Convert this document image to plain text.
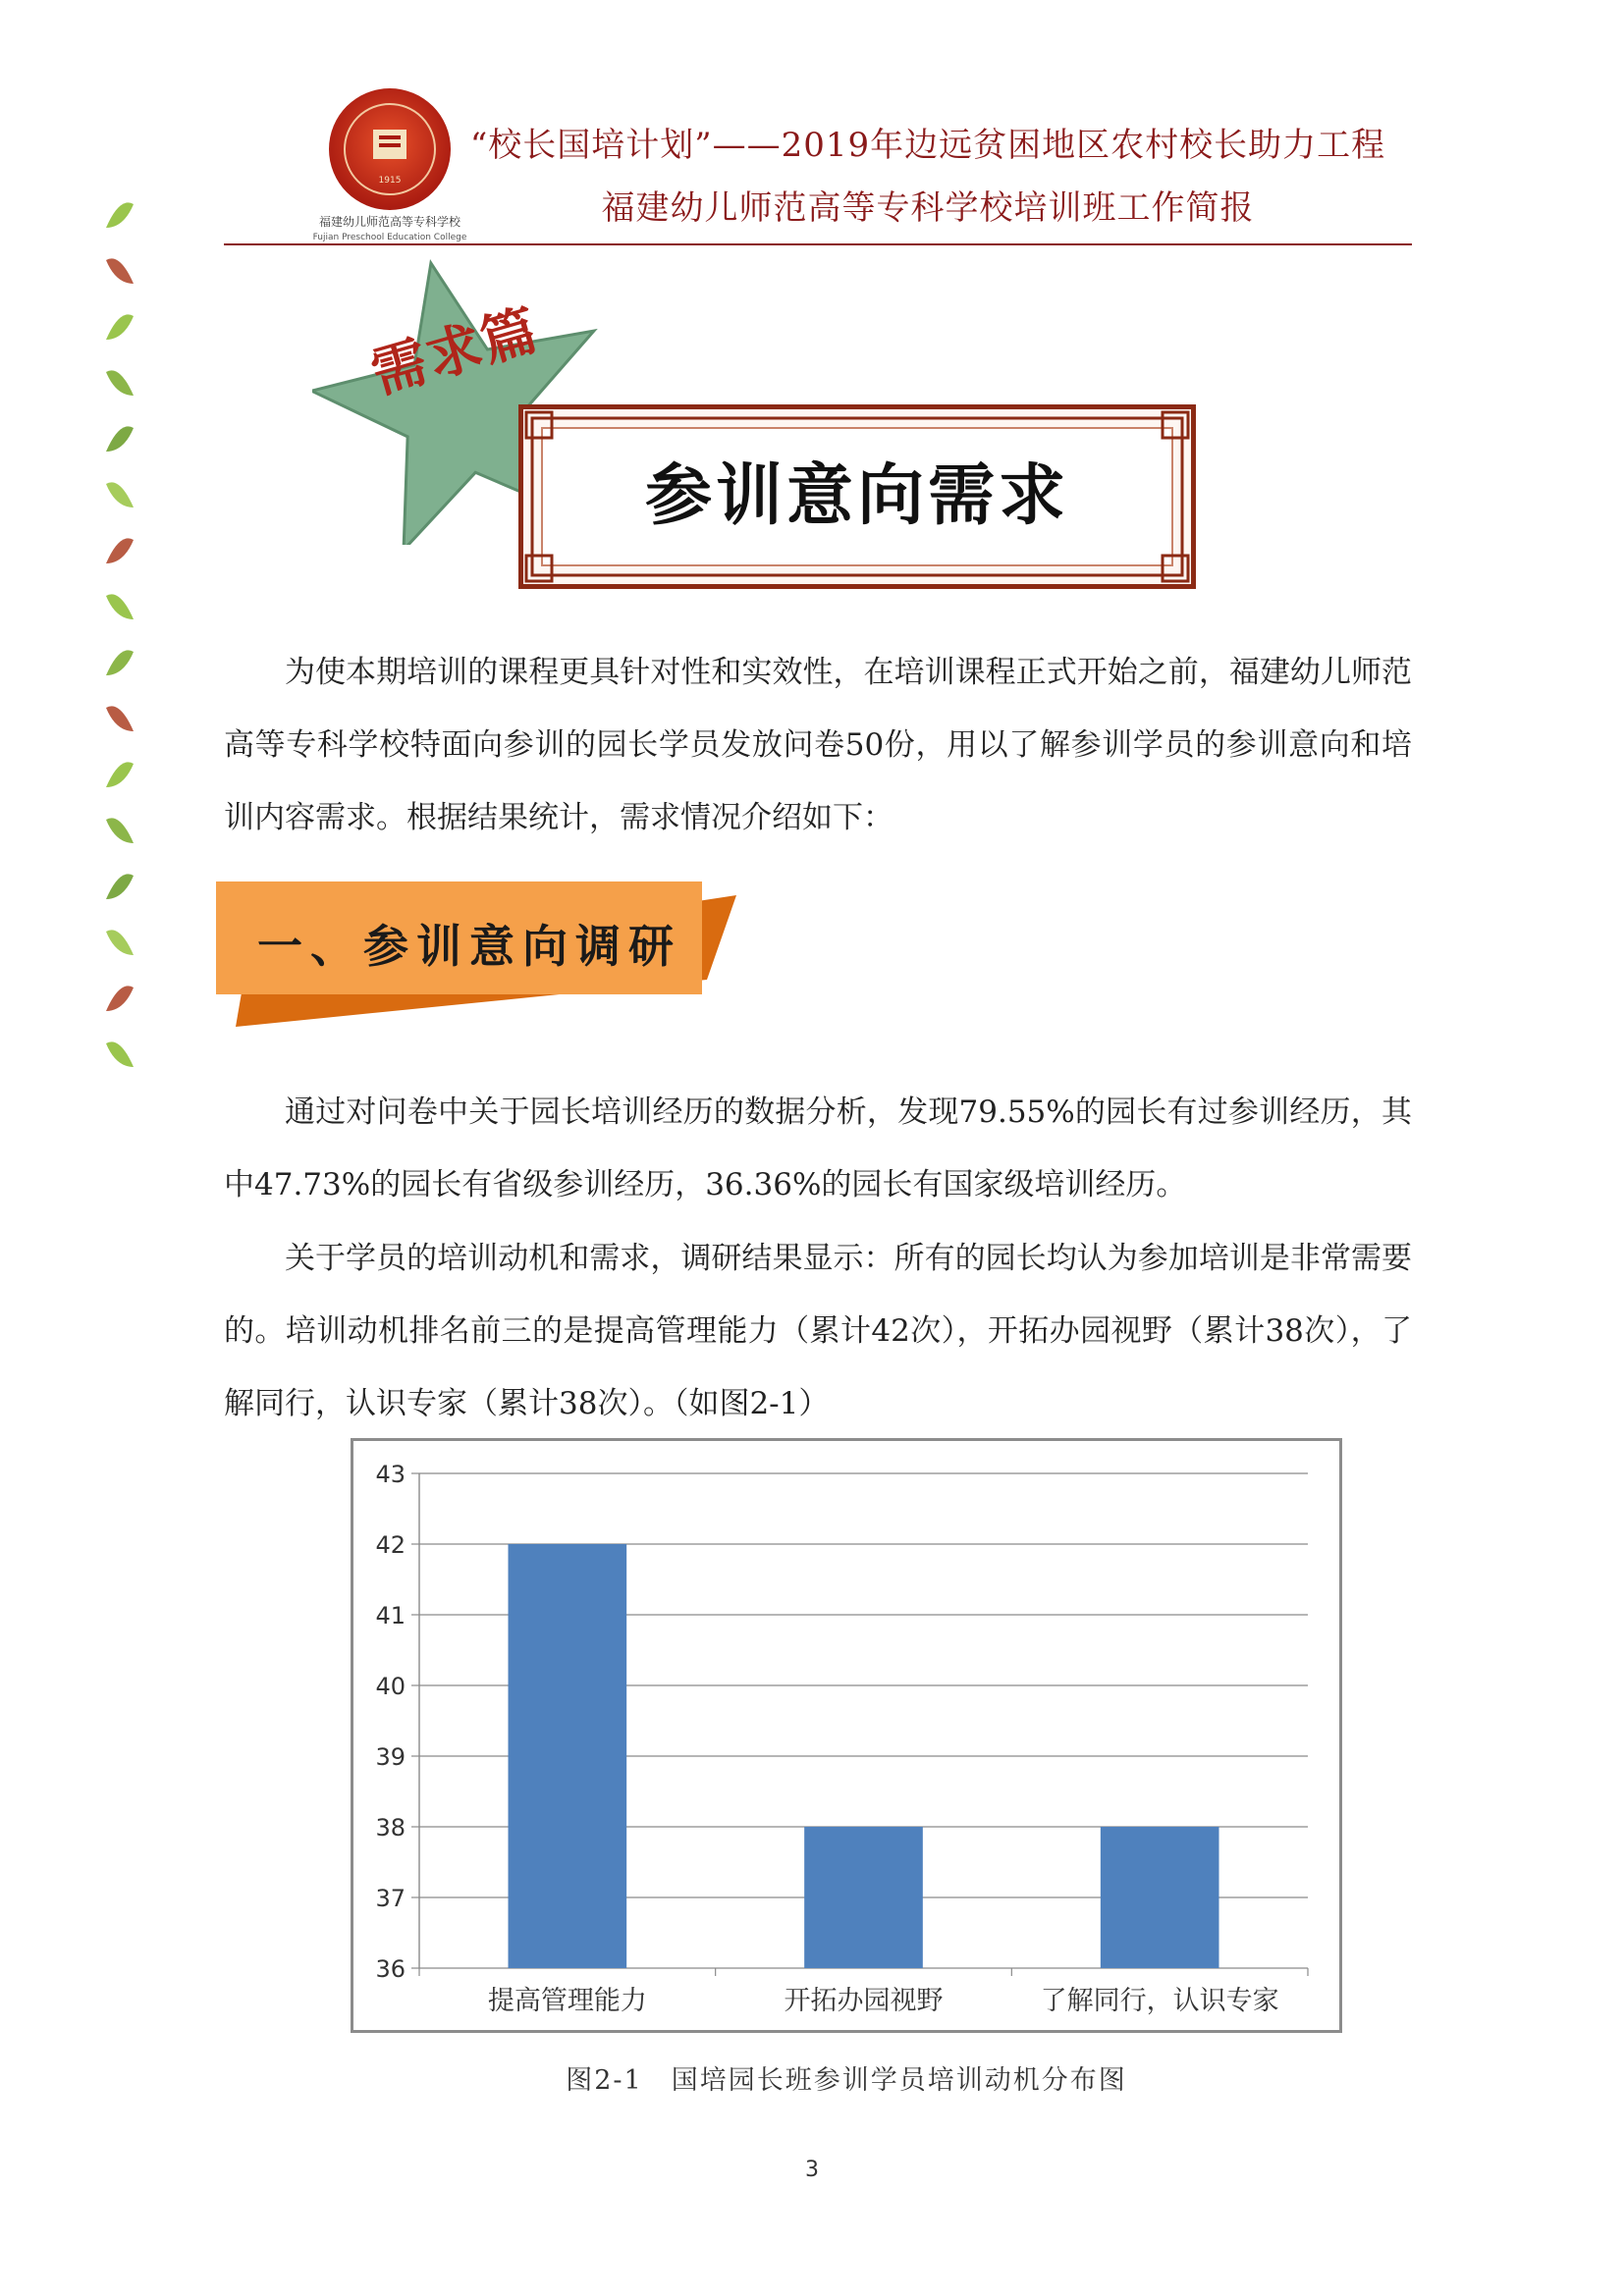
1915
福建幼儿师范高等专科学校
Fujian Preschool Education College
“校长国培计划”——2019年边远贫困地区农村校长助力工程
福建幼儿师范高等专科学校培训班工作简报
需求篇
参训意向需求
为使本期培训的课程更具针对性和实效性，在培训课程正式开始之前，福建幼儿师范高等专科学校特面向参训的园长学员发放问卷50份，用以了解参训学员的参训意向和培训内容需求。根据结果统计，需求情况介绍如下：
一、参训意向调研
通过对问卷中关于园长培训经历的数据分析，发现79.55%的园长有过参训经历，其中47.73%的园长有省级参训经历，36.36%的园长有国家级培训经历。
关于学员的培训动机和需求，调研结果显示：所有的园长均认为参加培训是非常需要的。培训动机排名前三的是提高管理能力（累计42次），开拓办园视野（累计38次），了解同行，认识专家（累计38次）。（如图2-1）
36
37
38
39
40
41
42
43
提高管理能力	开拓办园视野	了解同行，认识专家
图2-1　国培园长班参训学员培训动机分布图
3
